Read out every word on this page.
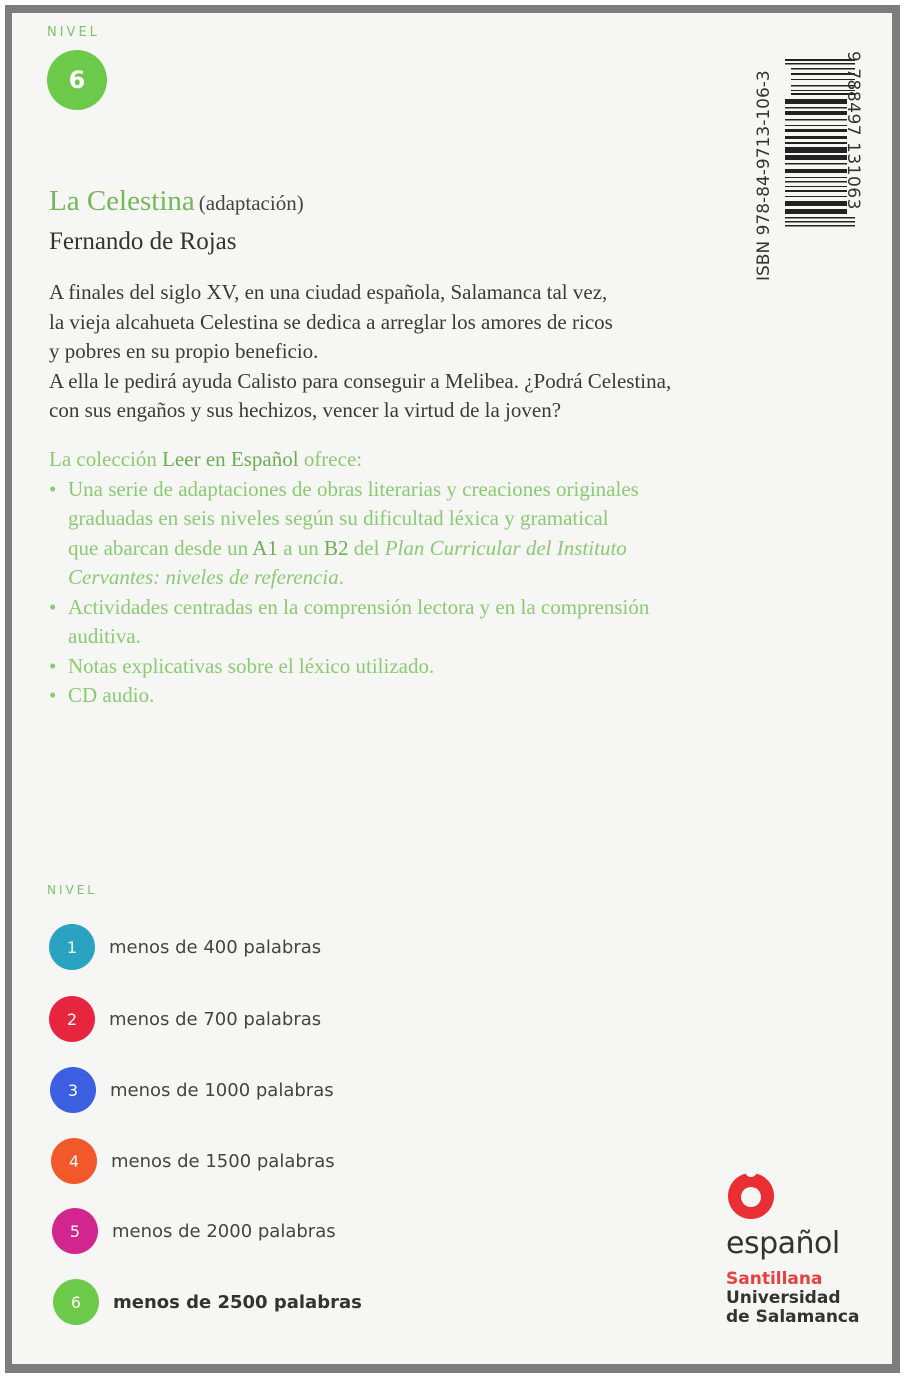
NIVEL
6	ISBN 978-84-9713-106-3	9 788497 131063
La Celestina (adaptación)
Fernando de Rojas

A finales del siglo XV, en una ciudad española, Salamanca tal vez,

la vieja alcahueta Celestina se dedica a arreglar los amores de ricos

y pobres en su propio beneficio.

A ella le pedirá ayuda Calisto para conseguir a Melibea. ¿Podrá Celestina,

con sus engaños y sus hechizos, vencer la virtud de la joven?

La colección Leer en Español ofrece:

• Una serie de adaptaciones de obras literarias y creaciones originales
graduadas en seis niveles según su dificultad léxica y gramatical
que abarcan desde un A1 a un B2 del Plan Curricular del Instituto
Cervantes: niveles de referencia.
• Actividades centradas en la comprensión lectora y en la comprensión
auditiva.
• Notas explicativas sobre el léxico utilizado.
• CD audio.
NIVEL
1	menos de 400 palabras
2	menos de 700 palabras
3	menos de 1000 palabras
4	menos de 1500 palabras
5	menos de 2000 palabras
6	menos de 2500 palabras
español
Santillana
Universidad
de Salamanca
